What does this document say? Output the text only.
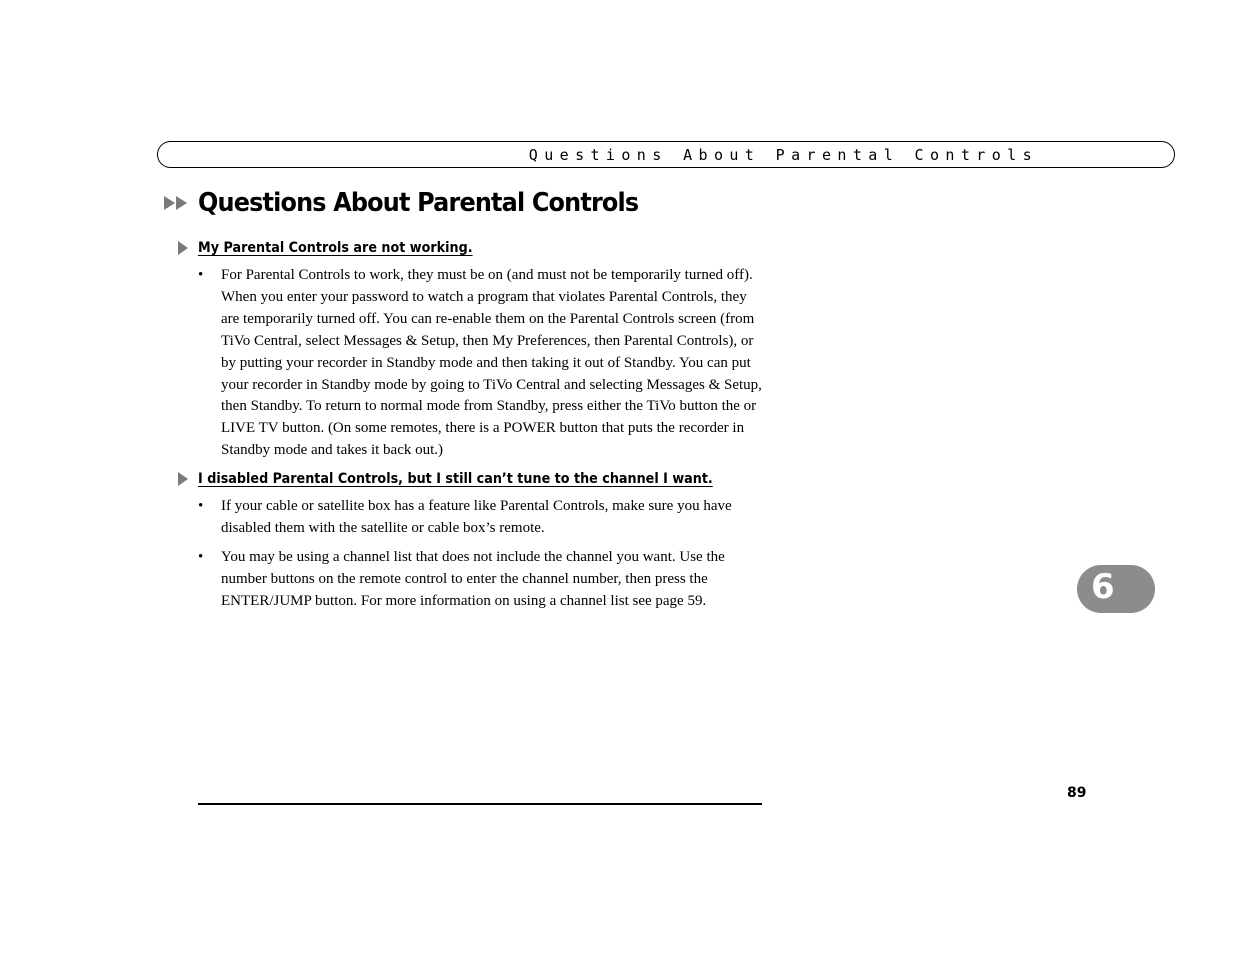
Questions About Parental Controls
Questions About Parental Controls
My Parental Controls are not working.
•	For Parental Controls to work, they must be on (and must not be temporarily turned off). When you enter your password to watch a program that violates Parental Controls, they are temporarily turned off. You can re-enable them on the Parental Controls screen (from TiVo Central, select Messages & Setup, then My Preferences, then Parental Controls), or by putting your recorder in Standby mode and then taking it out of Standby. You can put your recorder in Standby mode by going to TiVo Central and selecting Messages & Setup, then Standby. To return to normal mode from Standby, press either the TiVo button the or LIVE TV button. (On some remotes, there is a POWER button that puts the recorder in Standby mode and takes it back out.)
I disabled Parental Controls, but I still can’t tune to the channel I want.
•	If your cable or satellite box has a feature like Parental Controls, make sure you have disabled them with the satellite or cable box’s remote.
•	You may be using a channel list that does not include the channel you want. Use the number buttons on the remote control to enter the channel number, then press the ENTER/JUMP button. For more information on using a channel list see page 59.	6
89
